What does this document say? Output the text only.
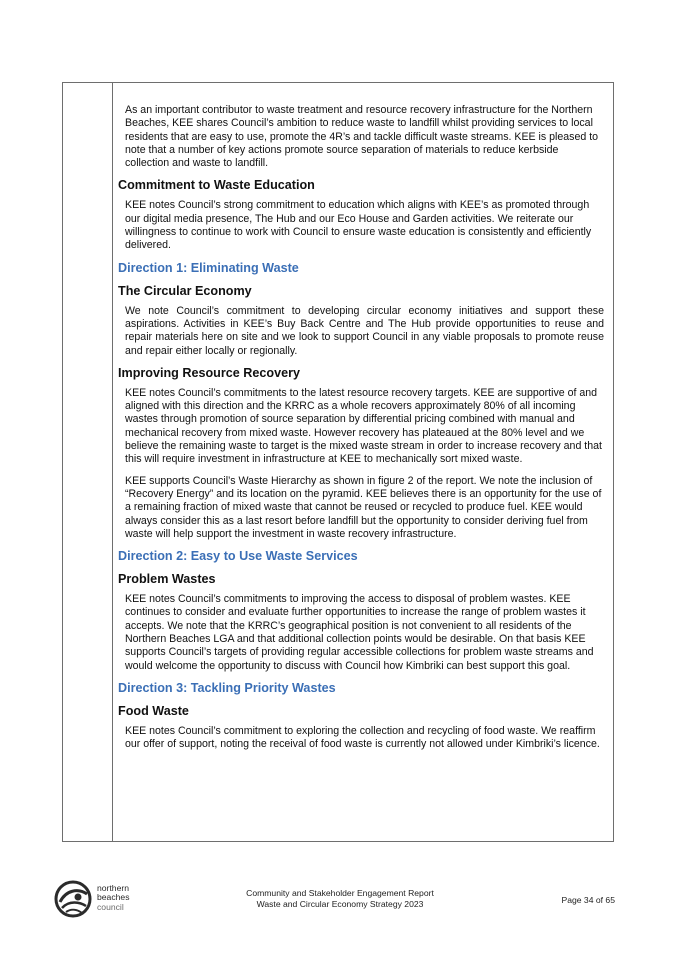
As an important contributor to waste treatment and resource recovery infrastructure for the Northern Beaches, KEE shares Council’s ambition to reduce waste to landfill whilst providing services to local residents that are easy to use, promote the 4R’s and tackle difficult waste streams. KEE is pleased to note that a number of key actions promote source separation of materials to reduce kerbside collection and waste to landfill.

Commitment to Waste Education

KEE notes Council’s strong commitment to education which aligns with KEE’s as promoted through our digital media presence, The Hub and our Eco House and Garden activities. We reiterate our willingness to continue to work with Council to ensure waste education is consistently and efficiently delivered.

Direction 1: Eliminating Waste
The Circular Economy

We note Council’s commitment to developing circular economy initiatives and support these aspirations. Activities in KEE’s Buy Back Centre and The Hub provide opportunities to reuse and repair materials here on site and we look to support Council in any viable proposals to promote reuse and repair either locally or regionally.

Improving Resource Recovery

KEE notes Council’s commitments to the latest resource recovery targets. KEE are supportive of and aligned with this direction and the KRRC as a whole recovers approximately 80% of all incoming wastes through promotion of source separation by differential pricing combined with manual and mechanical recovery from mixed waste. However recovery has plateaued at the 80% level and we believe the remaining waste to target is the mixed waste stream in order to increase recovery and that this will require investment in infrastructure at KEE to mechanically sort mixed waste.

KEE supports Council’s Waste Hierarchy as shown in figure 2 of the report. We note the inclusion of “Recovery Energy” and its location on the pyramid. KEE believes there is an opportunity for the use of a remaining fraction of mixed waste that cannot be reused or recycled to produce fuel. KEE would always consider this as a last resort before landfill but the opportunity to consider deriving fuel from waste will help support the investment in waste recovery infrastructure.

Direction 2: Easy to Use Waste Services
Problem Wastes

KEE notes Council’s commitments to improving the access to disposal of problem wastes. KEE continues to consider and evaluate further opportunities to increase the range of problem wastes it accepts. We note that the KRRC’s geographical position is not convenient to all residents of the Northern Beaches LGA and that additional collection points would be desirable. On that basis KEE supports Council’s targets of providing regular accessible collections for problem waste streams and would welcome the opportunity to discuss with Council how Kimbriki can best support this goal.

Direction 3: Tackling Priority Wastes
Food Waste

KEE notes Council’s commitment to exploring the collection and recycling of food waste. We reaffirm our offer of support, noting the receival of food waste is currently not allowed under Kimbriki’s licence.

northern
beaches
council
Community and Stakeholder Engagement Report
Waste and Circular Economy Strategy 2023	Page 34 of 65
